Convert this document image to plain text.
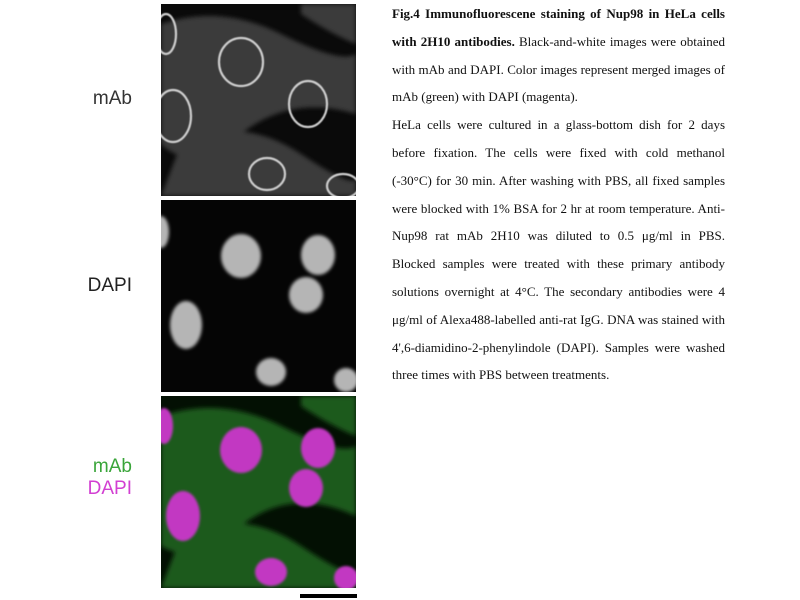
mAb
DAPI
mAb
DAPI

Fig.4 Immunofluorescene staining of Nup98 in HeLa cells with 2H10 antibodies. Black-and-white images were obtained with mAb and DAPI. Color images represent merged images of mAb (green) with DAPI (magenta).

HeLa cells were cultured in a glass-bottom dish for 2 days before fixation. The cells were fixed with cold methanol (-30°C) for 30 min. After washing with PBS, all fixed samples were blocked with 1% BSA for 2 hr at room temperature. Anti-Nup98 rat mAb 2H10 was diluted to 0.5 μg/ml in PBS. Blocked samples were treated with these primary antibody solutions overnight at 4°C. The secondary antibodies were 4 μg/ml of Alexa488-labelled anti-rat IgG. DNA was stained with 4',6-diamidino-2-phenylindole (DAPI). Samples were washed three times with PBS between treatments.
